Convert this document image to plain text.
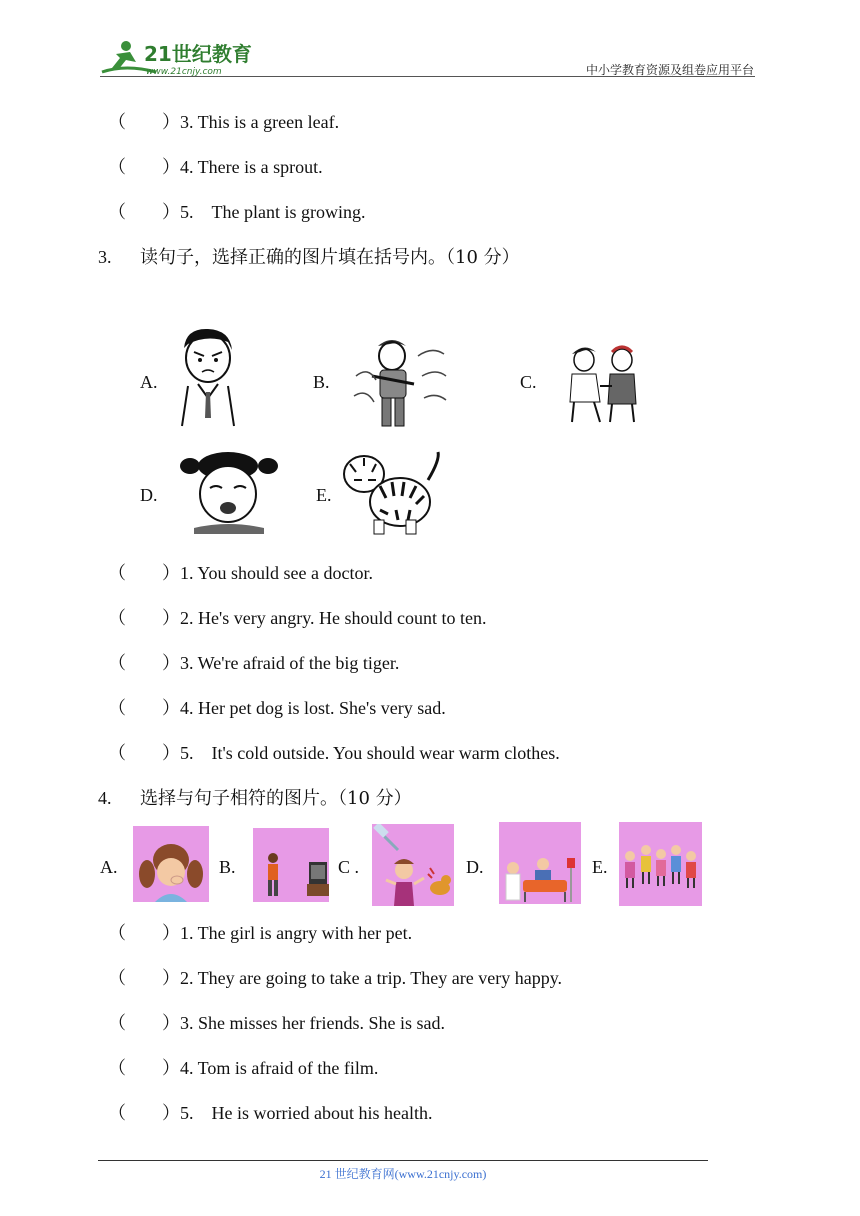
21世纪教育
www.21cnjy.com	中小学教育资源及组卷应用平台
（　　）3. This is a green leaf.
（　　）4. There is a sprout.
（　　）5.　The plant is growing.
3. 读句子，选择正确的图片填在括号内。（10 分）
A.	B.	C.
D.	E.
（　　）1. You should see a doctor.
（　　）2. He's very angry. He should count to ten.
（　　）3. We're afraid of the big tiger.
（　　）4. Her pet dog is lost. She's very sad.
（　　）5.　It's cold outside. You should wear warm clothes.
4. 选择与句子相符的图片。（10 分）
A.	B.	C .	D.	E.
（　　）1. The girl is angry with her pet.
（　　）2. They are going to take a trip. They are very happy.
（　　）3. She misses her friends. She is sad.
（　　）4. Tom is afraid of the film.
（　　）5.　He is worried about his health.
21 世纪教育网(www.21cnjy.com)
